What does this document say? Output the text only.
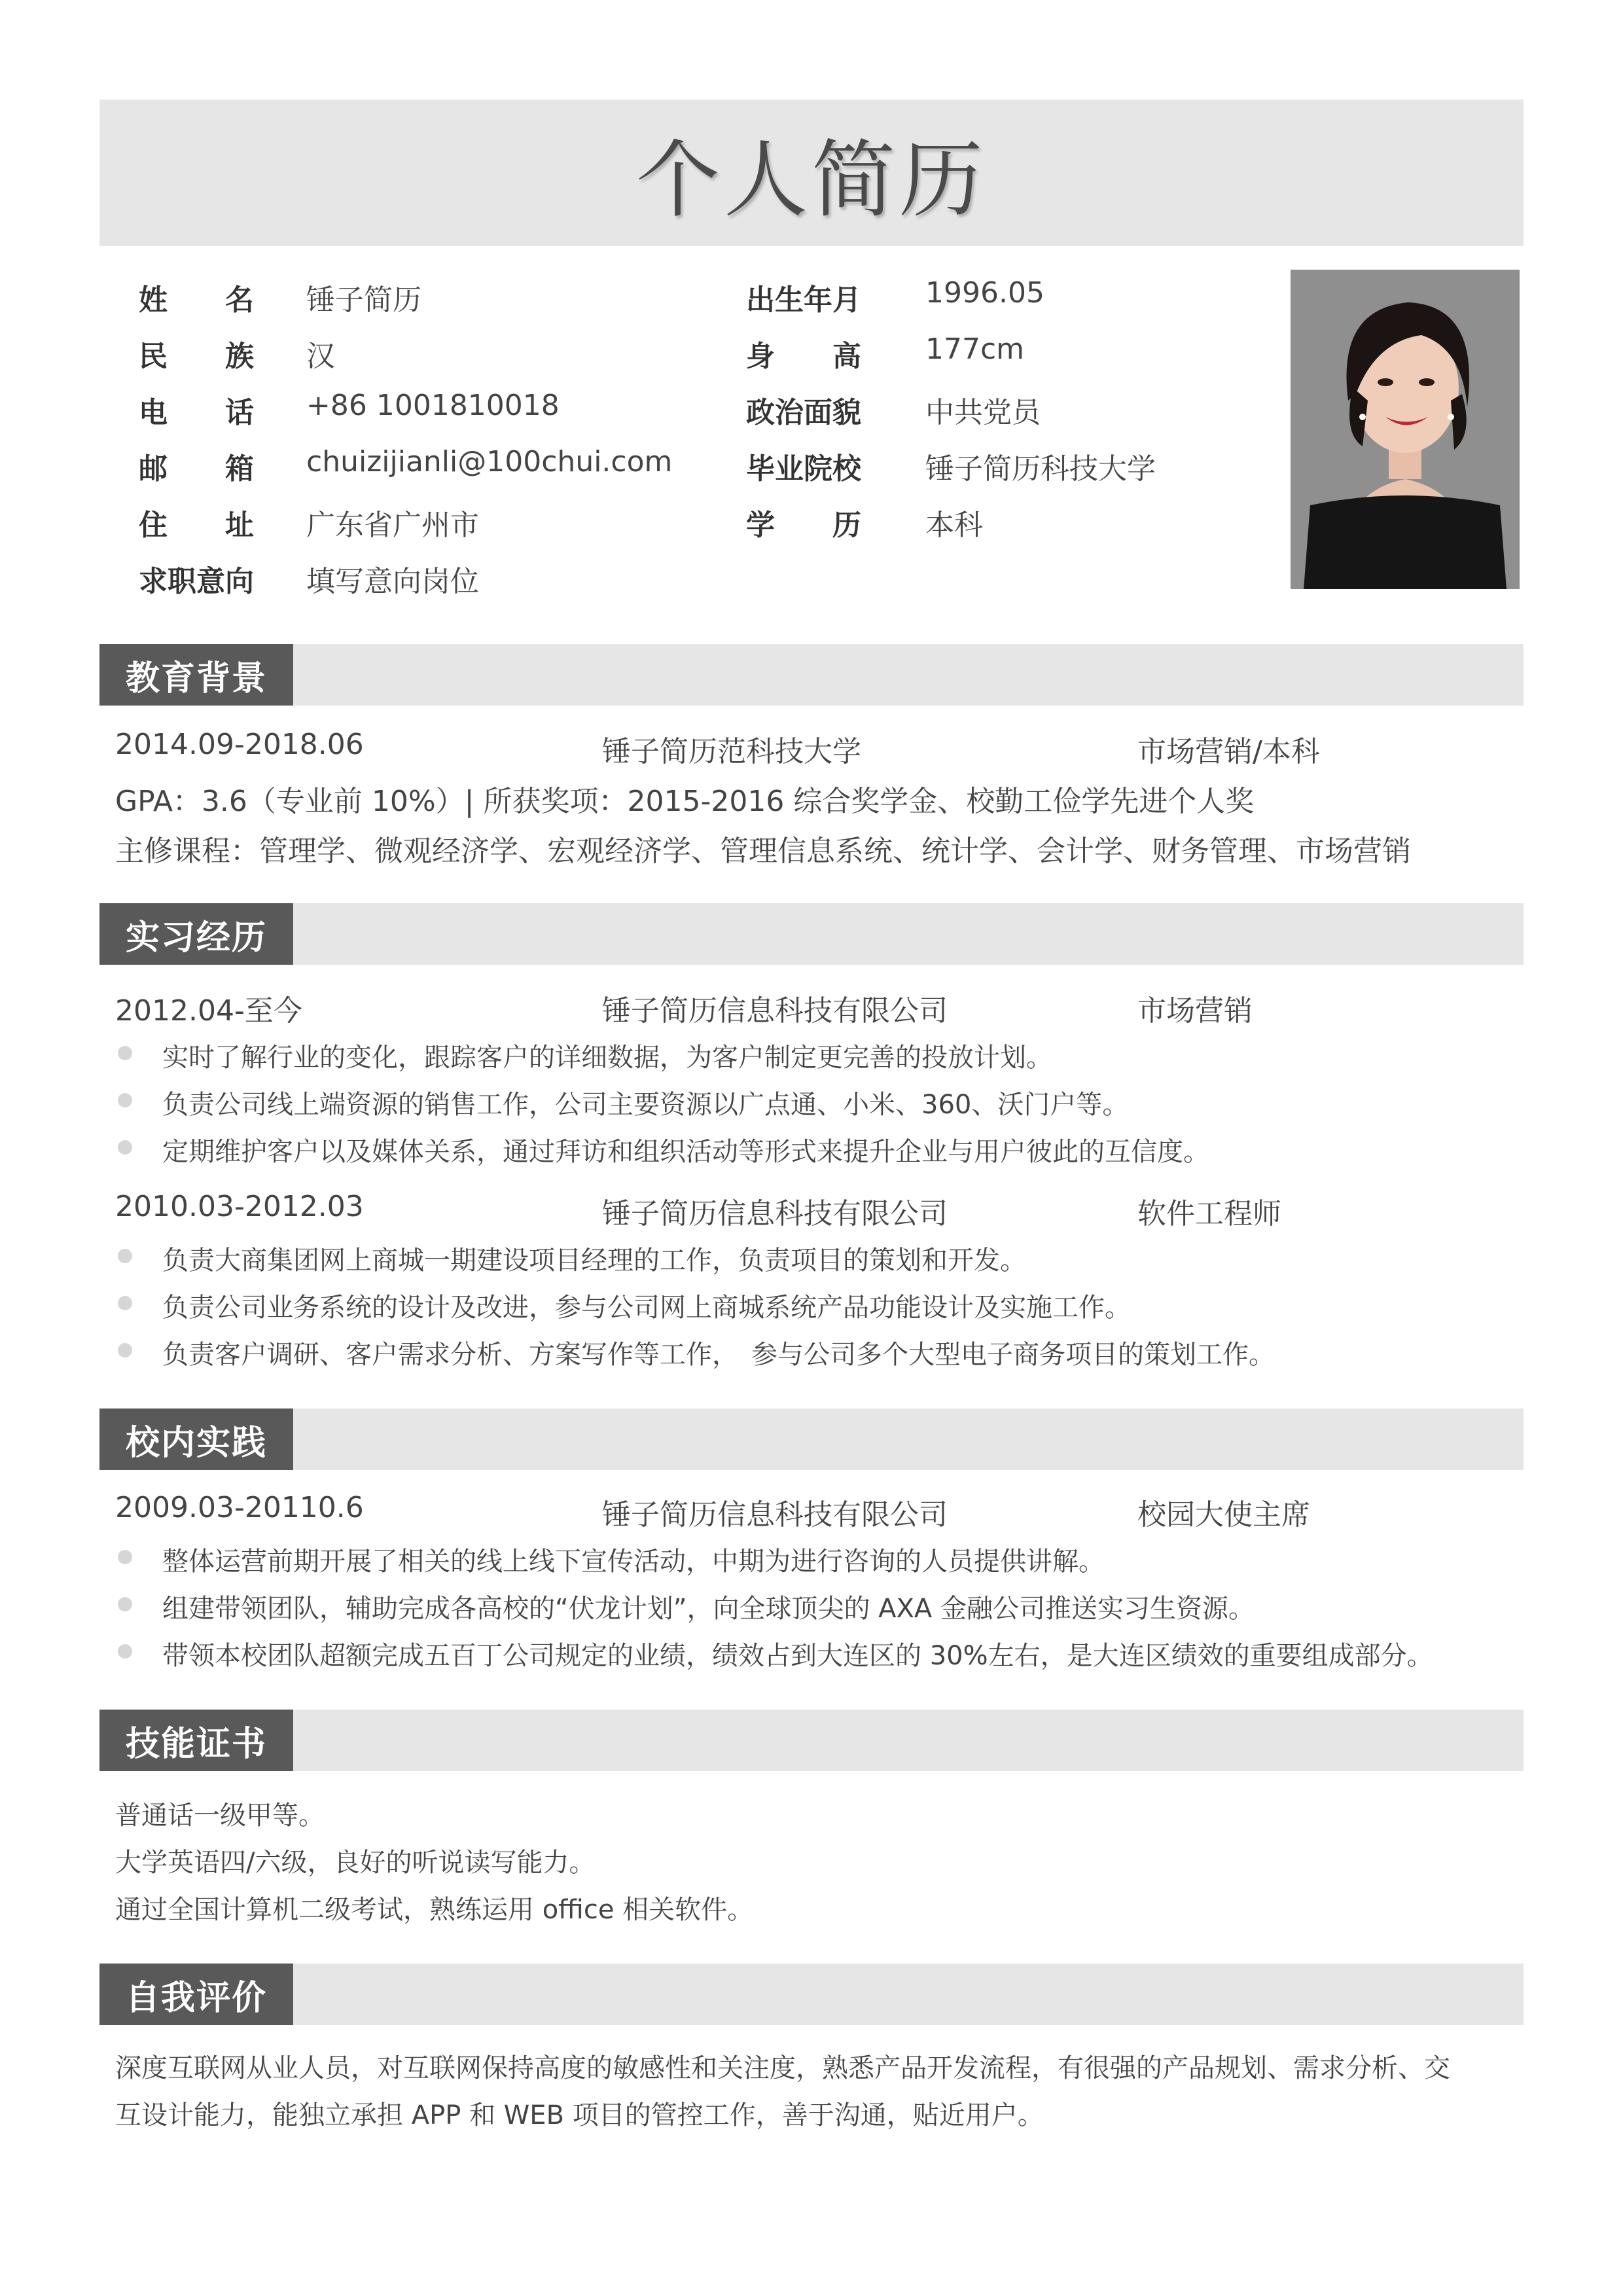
个人简历
姓 名 锤子简历
民 族 汉
电 话 +86 1001810018
邮 箱 chuizijianli@100chui.com
住 址 广东省广州市
求职意向 填写意向岗位
出生年月 1996.05
身 高 177cm
政治面貌 中共党员
毕业院校 锤子简历科技大学
学 历 本科
教育背景
2014.09-2018.06	锤子简历范科技大学	市场营销/本科
GPA：3.6（专业前 10%）| 所获奖项：2015-2016 综合奖学金、校勤工俭学先进个人奖
主修课程：管理学、微观经济学、宏观经济学、管理信息系统、统计学、会计学、财务管理、市场营销
实习经历
2012.04-至今	锤子简历信息科技有限公司	市场营销
实时了解行业的变化，跟踪客户的详细数据，为客户制定更完善的投放计划。
负责公司线上端资源的销售工作，公司主要资源以广点通、小米、360、沃门户等。
定期维护客户以及媒体关系，通过拜访和组织活动等形式来提升企业与用户彼此的互信度。
2010.03-2012.03	锤子简历信息科技有限公司	软件工程师
负责大商集团网上商城一期建设项目经理的工作，负责项目的策划和开发。
负责公司业务系统的设计及改进，参与公司网上商城系统产品功能设计及实施工作。
负责客户调研、客户需求分析、方案写作等工作，　参与公司多个大型电子商务项目的策划工作。
校内实践
2009.03-20110.6	锤子简历信息科技有限公司	校园大使主席
整体运营前期开展了相关的线上线下宣传活动，中期为进行咨询的人员提供讲解。
组建带领团队，辅助完成各高校的“伏龙计划”，向全球顶尖的 AXA 金融公司推送实习生资源。
带领本校团队超额完成五百丁公司规定的业绩，绩效占到大连区的 30%左右，是大连区绩效的重要组成部分。
技能证书
普通话一级甲等。
大学英语四/六级，良好的听说读写能力。
通过全国计算机二级考试，熟练运用 office 相关软件。
自我评价
深度互联网从业人员，对互联网保持高度的敏感性和关注度，熟悉产品开发流程，有很强的产品规划、需求分析、交
互设计能力，能独立承担 APP 和 WEB 项目的管控工作，善于沟通，贴近用户。
